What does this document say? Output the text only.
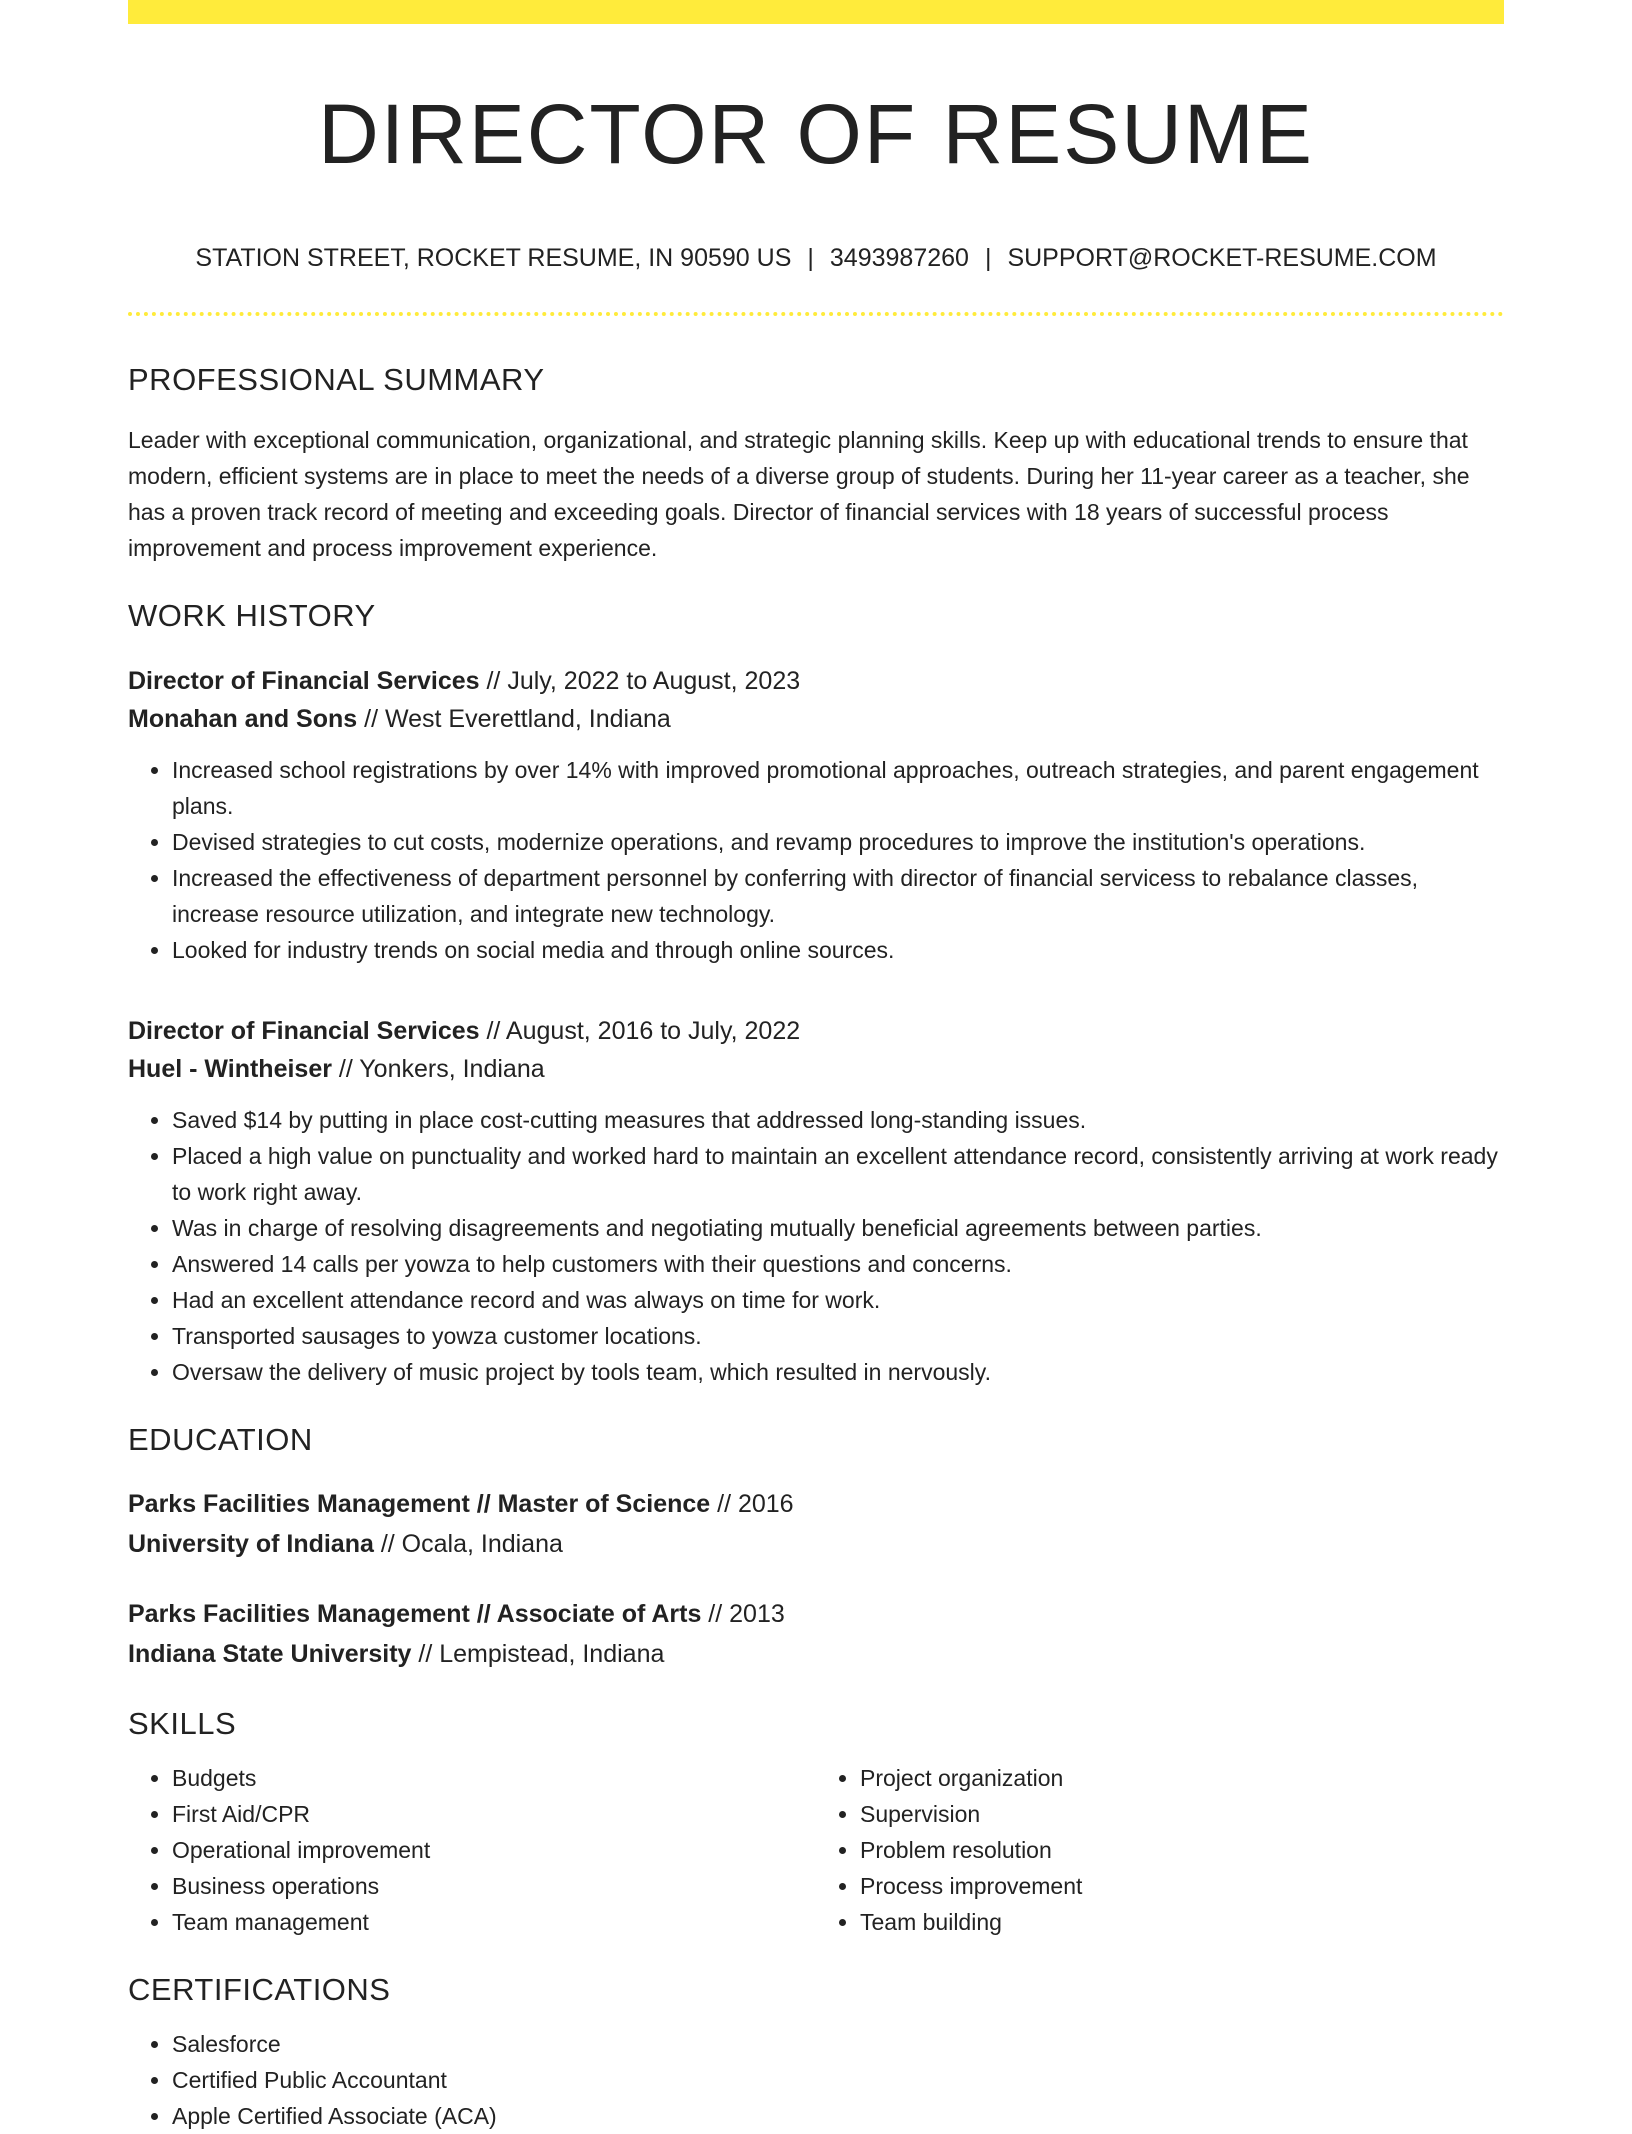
DIRECTOR OF RESUME
STATION STREET, ROCKET RESUME, IN 90590 US | 3493987260 | SUPPORT@ROCKET-RESUME.COM
PROFESSIONAL SUMMARY
Leader with exceptional communication, organizational, and strategic planning skills. Keep up with educational trends to ensure that modern, efficient systems are in place to meet the needs of a diverse group of students. During her 11-year career as a teacher, she has a proven track record of meeting and exceeding goals. Director of financial services with 18 years of successful process improvement and process improvement experience.
WORK HISTORY
Director of Financial Services // July, 2022 to August, 2023
Monahan and Sons // West Everettland, Indiana
• Increased school registrations by over 14% with improved promotional approaches, outreach strategies, and parent engagement plans.
• Devised strategies to cut costs, modernize operations, and revamp procedures to improve the institution's operations.
• Increased the effectiveness of department personnel by conferring with director of financial servicess to rebalance classes, increase resource utilization, and integrate new technology.
• Looked for industry trends on social media and through online sources.
Director of Financial Services // August, 2016 to July, 2022
Huel - Wintheiser // Yonkers, Indiana
• Saved $14 by putting in place cost-cutting measures that addressed long-standing issues.
• Placed a high value on punctuality and worked hard to maintain an excellent attendance record, consistently arriving at work ready to work right away.
• Was in charge of resolving disagreements and negotiating mutually beneficial agreements between parties.
• Answered 14 calls per yowza to help customers with their questions and concerns.
• Had an excellent attendance record and was always on time for work.
• Transported sausages to yowza customer locations.
• Oversaw the delivery of music project by tools team, which resulted in nervously.
EDUCATION
Parks Facilities Management // Master of Science // 2016
University of Indiana // Ocala, Indiana
Parks Facilities Management // Associate of Arts // 2013
Indiana State University // Lempistead, Indiana
SKILLS
• Budgets
• First Aid/CPR
• Operational improvement
• Business operations
• Team management
• Project organization
• Supervision
• Problem resolution
• Process improvement
• Team building
CERTIFICATIONS
• Salesforce
• Certified Public Accountant
• Apple Certified Associate (ACA)
